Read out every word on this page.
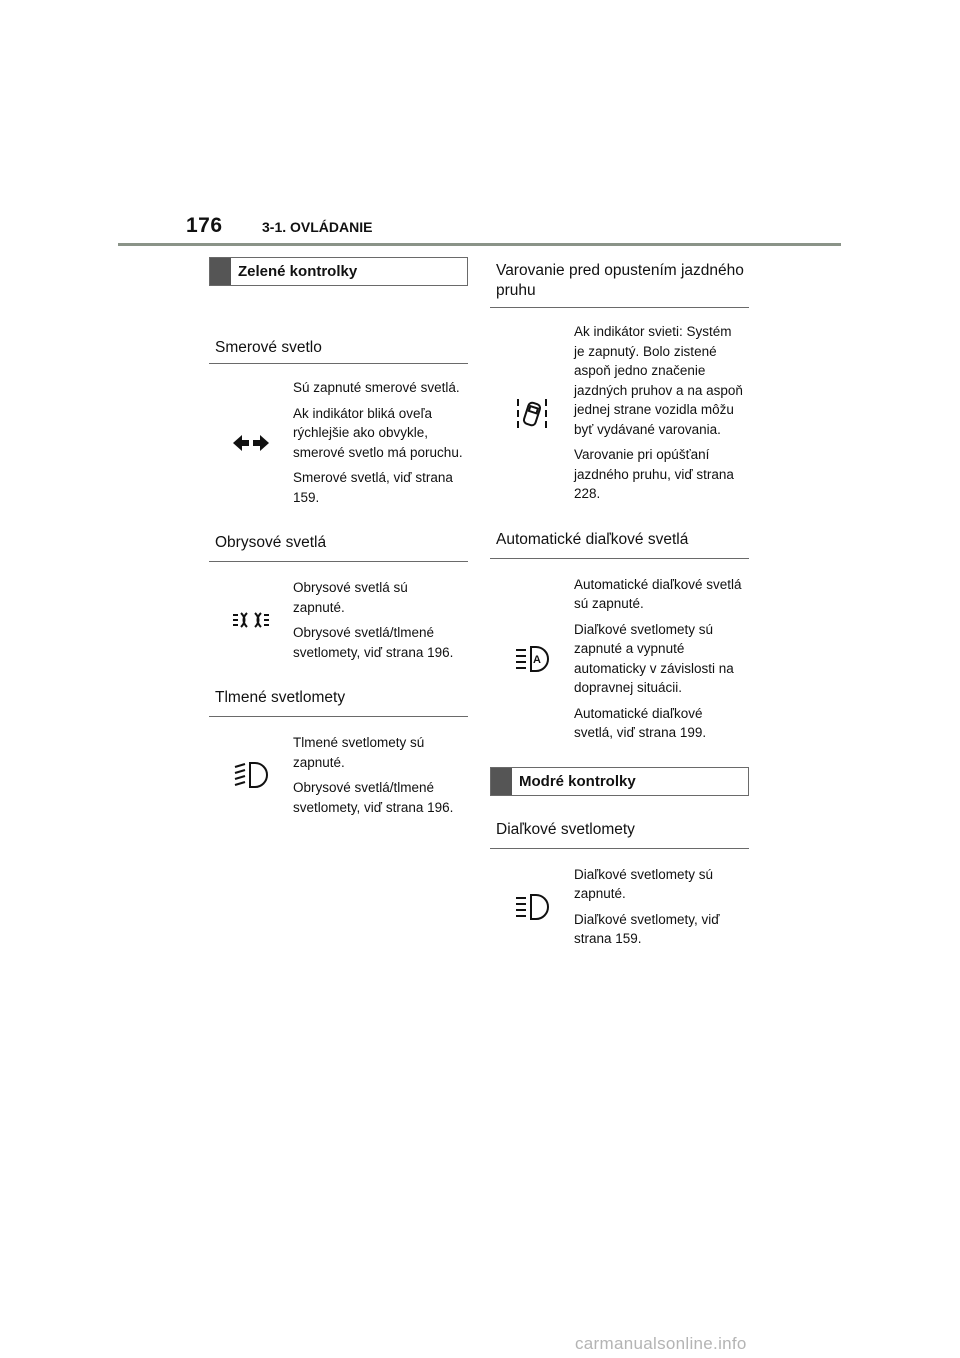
176	3-1. OVLÁDANIE
Zelené kontrolky
Smerové svetlo

Sú zapnuté smerové svetlá.

Ak indikátor bliká oveľa rýchlejšie ako obvykle, smerové svetlo má poruchu.

Smerové svetlá, viď strana 159.

Obrysové svetlá

Obrysové svetlá sú zapnuté.

Obrysové svetlá/tlmené svetlomety, viď strana 196.

Tlmené svetlomety

Tlmené svetlomety sú zapnuté.

Obrysové svetlá/tlmené svetlomety, viď strana 196.

Varovanie pred opustením jazdného pruhu

Ak indikátor svieti: Systém je zapnutý. Bolo zistené aspoň jedno značenie jazdných pruhov a na aspoň jednej strane vozidla môžu byť vydávané varovania.

Varovanie pri opúšťaní jazdného pruhu, viď strana 228.

Automatické diaľkové svetlá
A

Automatické diaľkové svetlá sú zapnuté.

Diaľkové svetlomety sú zapnuté a vypnuté automaticky v závislosti na dopravnej situácii.

Automatické diaľkové svetlá, viď strana 199.

Modré kontrolky
Diaľkové svetlomety

Diaľkové svetlomety sú zapnuté.

Diaľkové svetlomety, viď strana 159.

carmanualsonline.info
